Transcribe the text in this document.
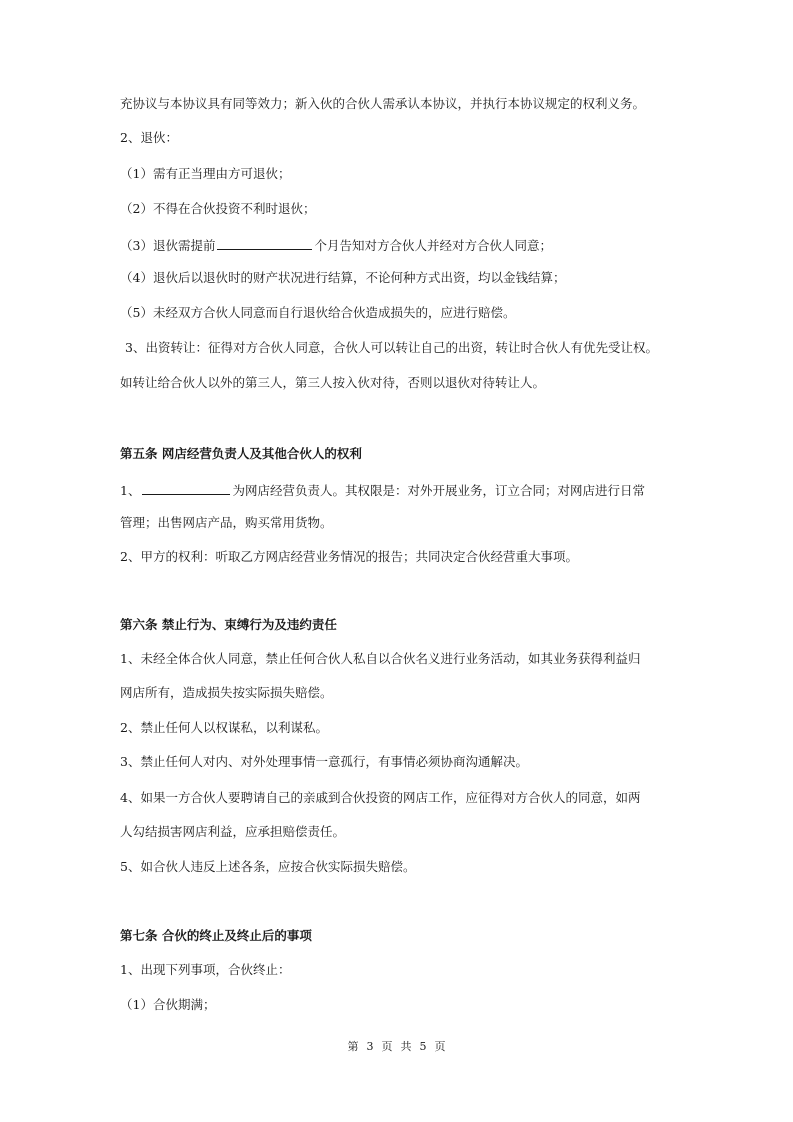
充协议与本协议具有同等效力；新入伙的合伙人需承认本协议，并执行本协议规定的权利义务。
2、退伙：
（1）需有正当理由方可退伙；
（2）不得在合伙投资不利时退伙；
（3）退伙需提前	个月告知对方合伙人并经对方合伙人同意；
（4）退伙后以退伙时的财产状况进行结算，不论何种方式出资，均以金钱结算；
（5）未经双方合伙人同意而自行退伙给合伙造成损失的，应进行赔偿。
3、出资转让：征得对方合伙人同意，合伙人可以转让自己的出资，转让时合伙人有优先受让权。
如转让给合伙人以外的第三人，第三人按入伙对待，否则以退伙对待转让人。
第五条 网店经营负责人及其他合伙人的权利
1、	为网店经营负责人。其权限是：对外开展业务，订立合同；对网店进行日常
管理；出售网店产品，购买常用货物。
2、甲方的权利：听取乙方网店经营业务情况的报告；共同决定合伙经营重大事项。
第六条 禁止行为、束缚行为及违约责任
1、未经全体合伙人同意，禁止任何合伙人私自以合伙名义进行业务活动，如其业务获得利益归
网店所有，造成损失按实际损失赔偿。
2、禁止任何人以权谋私，以利谋私。
3、禁止任何人对内、对外处理事情一意孤行，有事情必须协商沟通解决。
4、如果一方合伙人要聘请自己的亲戚到合伙投资的网店工作，应征得对方合伙人的同意，如两
人勾结损害网店利益，应承担赔偿责任。
5、如合伙人违反上述各条，应按合伙实际损失赔偿。
第七条 合伙的终止及终止后的事项
1、出现下列事项，合伙终止：
（1）合伙期满；
第 3 页 共 5 页
